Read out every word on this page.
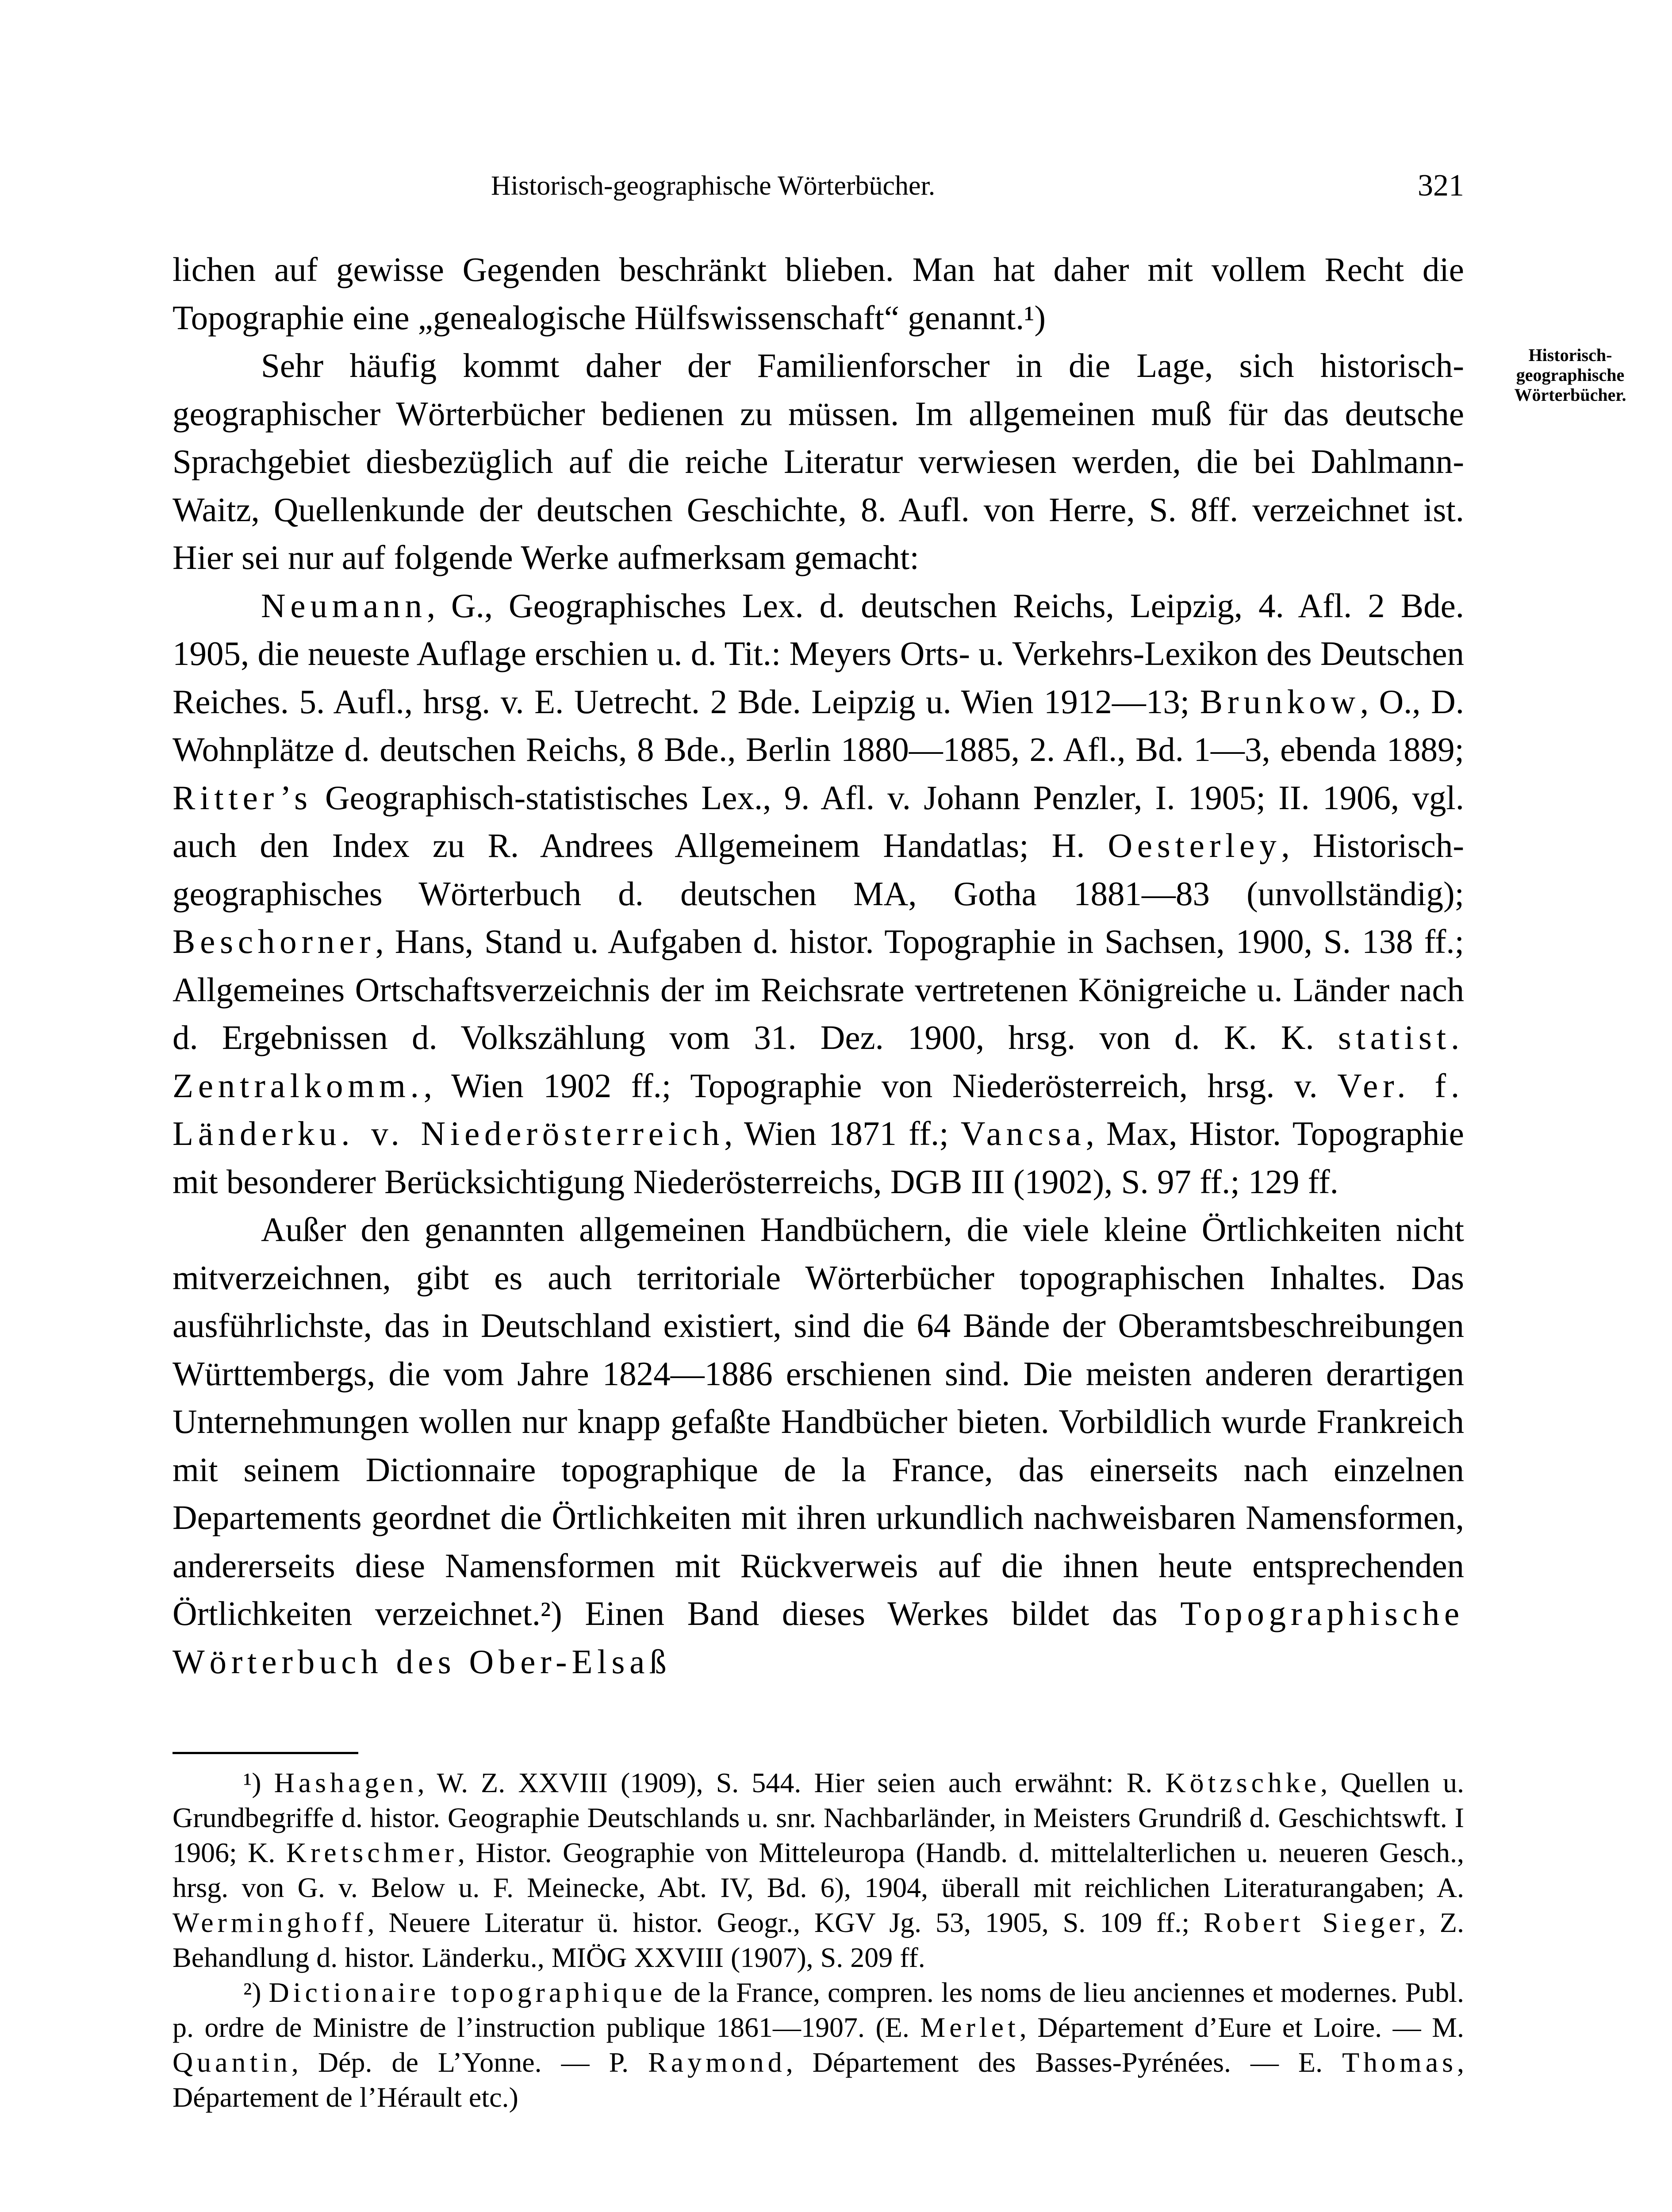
Historisch-geographische Wörterbücher.	321

lichen auf gewisse Gegenden beschränkt blieben. Man hat daher mit vollem Recht die Topographie eine „genealogische Hülfswissenschaft“ genannt.¹)

Sehr häufig kommt daher der Familienforscher in die Lage, sich historisch-geographischer Wörterbücher bedienen zu müssen. Im allgemeinen muß für das deutsche Sprachgebiet diesbezüglich auf die reiche Literatur verwiesen werden, die bei Dahlmann-Waitz, Quellenkunde der deutschen Geschichte, 8. Aufl. von Herre, S. 8ff. verzeichnet ist. Hier sei nur auf folgende Werke aufmerksam gemacht:

Neumann, G., Geographisches Lex. d. deutschen Reichs, Leipzig, 4. Afl. 2 Bde. 1905, die neueste Auflage erschien u. d. Tit.: Meyers Orts- u. Verkehrs-Lexikon des Deutschen Reiches. 5. Aufl., hrsg. v. E. Uetrecht. 2 Bde. Leipzig u. Wien 1912—13; Brunkow, O., D. Wohnplätze d. deutschen Reichs, 8 Bde., Berlin 1880—1885, 2. Afl., Bd. 1—3, ebenda 1889; Ritter’s Geographisch-statistisches Lex., 9. Afl. v. Johann Penzler, I. 1905; II. 1906, vgl. auch den Index zu R. Andrees Allgemeinem Handatlas; H. Oesterley, Historisch-geographisches Wörterbuch d. deutschen MA, Gotha 1881—83 (unvollständig); Beschorner, Hans, Stand u. Aufgaben d. histor. Topographie in Sachsen, 1900, S. 138 ff.; Allgemeines Ortschaftsverzeichnis der im Reichsrate vertretenen Königreiche u. Länder nach d. Ergebnissen d. Volkszählung vom 31. Dez. 1900, hrsg. von d. K. K. statist. Zentralkomm., Wien 1902 ff.; Topographie von Niederösterreich, hrsg. v. Ver. f. Länderku. v. Niederösterreich, Wien 1871 ff.; Vancsa, Max, Histor. Topographie mit besonderer Berücksichtigung Niederösterreichs, DGB III (1902), S. 97 ff.; 129 ff.

Außer den genannten allgemeinen Handbüchern, die viele kleine Örtlichkeiten nicht mitverzeichnen, gibt es auch territoriale Wörterbücher topographischen Inhaltes. Das ausführlichste, das in Deutschland existiert, sind die 64 Bände der Oberamtsbeschreibungen Württembergs, die vom Jahre 1824—1886 erschienen sind. Die meisten anderen derartigen Unternehmungen wollen nur knapp gefaßte Handbücher bieten. Vorbildlich wurde Frankreich mit seinem Dictionnaire topographique de la France, das einerseits nach einzelnen Departements geordnet die Örtlichkeiten mit ihren urkundlich nachweisbaren Namensformen, andererseits diese Namensformen mit Rückverweis auf die ihnen heute entsprechenden Örtlichkeiten verzeichnet.²) Einen Band dieses Werkes bildet das Topographische Wörterbuch des Ober-Elsaß

Historisch-
geographische
Wörterbücher.

¹) Hashagen, W. Z. XXVIII (1909), S. 544. Hier seien auch erwähnt: R. Kötzschke, Quellen u. Grundbegriffe d. histor. Geographie Deutschlands u. snr. Nachbarländer, in Meisters Grundriß d. Geschichtswft. I 1906; K. Kretschmer, Histor. Geographie von Mitteleuropa (Handb. d. mittelalterlichen u. neueren Gesch., hrsg. von G. v. Below u. F. Meinecke, Abt. IV, Bd. 6), 1904, überall mit reichlichen Literaturangaben; A. Werminghoff, Neuere Literatur ü. histor. Geogr., KGV Jg. 53, 1905, S. 109 ff.; Robert Sieger, Z. Behandlung d. histor. Länderku., MIÖG XXVIII (1907), S. 209 ff.

²) Dictionaire topographique de la France, compren. les noms de lieu anciennes et modernes. Publ. p. ordre de Ministre de l’instruction publique 1861—1907. (E. Merlet, Département d’Eure et Loire. — M. Quantin, Dép. de L’Yonne. — P. Raymond, Département des Basses-Pyrénées. — E. Thomas, Département de l’Hérault etc.)
